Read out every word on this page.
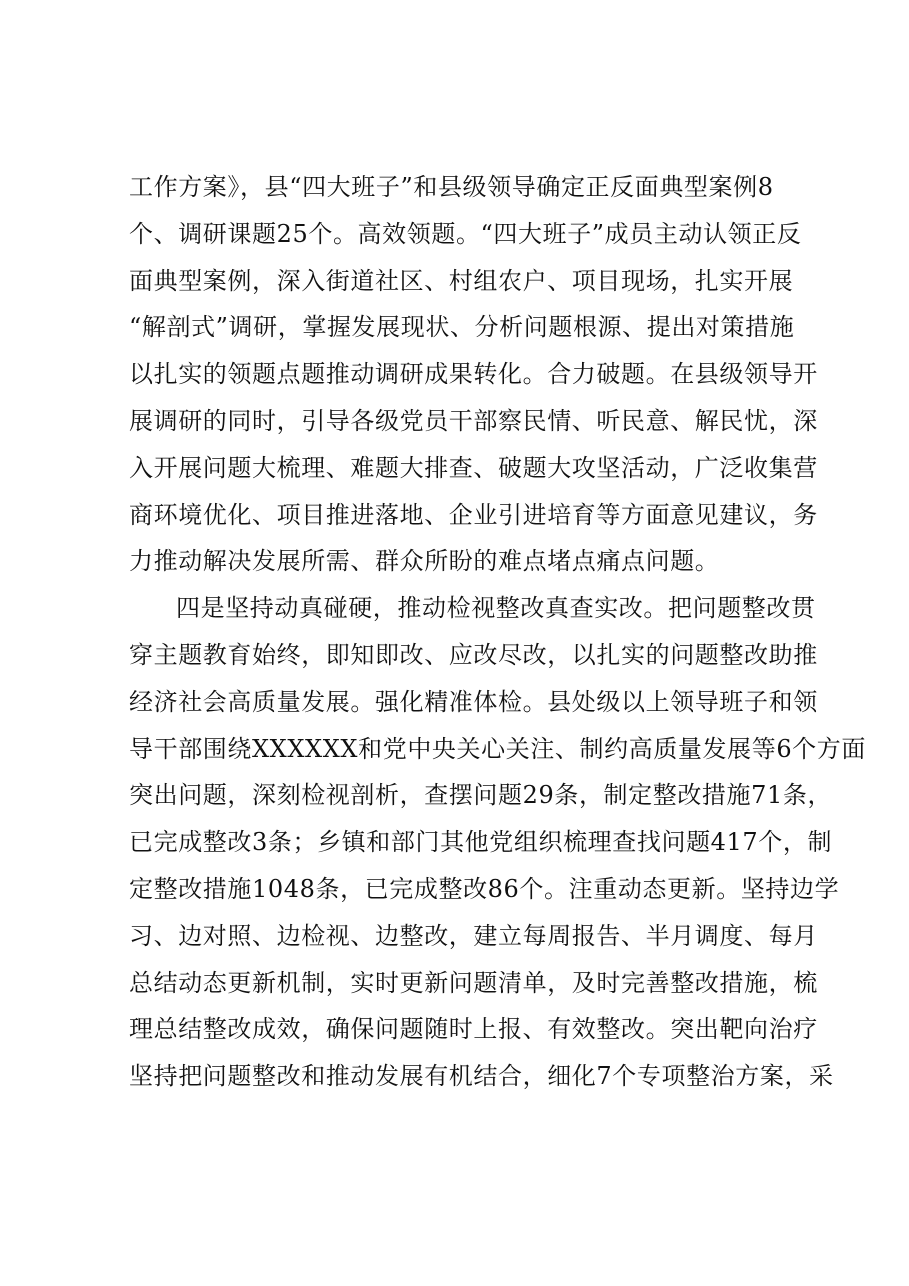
工作方案》，县“四大班子”和县级领导确定正反面典型案例8
个、调研课题25个。高效领题。“四大班子”成员主动认领正反
面典型案例，深入街道社区、村组农户、项目现场，扎实开展
“解剖式”调研，掌握发展现状、分析问题根源、提出对策措施
以扎实的领题点题推动调研成果转化。合力破题。在县级领导开
展调研的同时，引导各级党员干部察民情、听民意、解民忧，深
入开展问题大梳理、难题大排查、破题大攻坚活动，广泛收集营
商环境优化、项目推进落地、企业引进培育等方面意见建议，务
力推动解决发展所需、群众所盼的难点堵点痛点问题。
四是坚持动真碰硬，推动检视整改真查实改。把问题整改贯
穿主题教育始终，即知即改、应改尽改，以扎实的问题整改助推
经济社会高质量发展。强化精准体检。县处级以上领导班子和领
导干部围绕XXXXXX和党中央关心关注、制约高质量发展等6个方面
突出问题，深刻检视剖析，查摆问题29条，制定整改措施71条，
已完成整改3条；乡镇和部门其他党组织梳理查找问题417个，制
定整改措施1048条，已完成整改86个。注重动态更新。坚持边学
习、边对照、边检视、边整改，建立每周报告、半月调度、每月
总结动态更新机制，实时更新问题清单，及时完善整改措施，梳
理总结整改成效，确保问题随时上报、有效整改。突出靶向治疗
坚持把问题整改和推动发展有机结合，细化7个专项整治方案，采
